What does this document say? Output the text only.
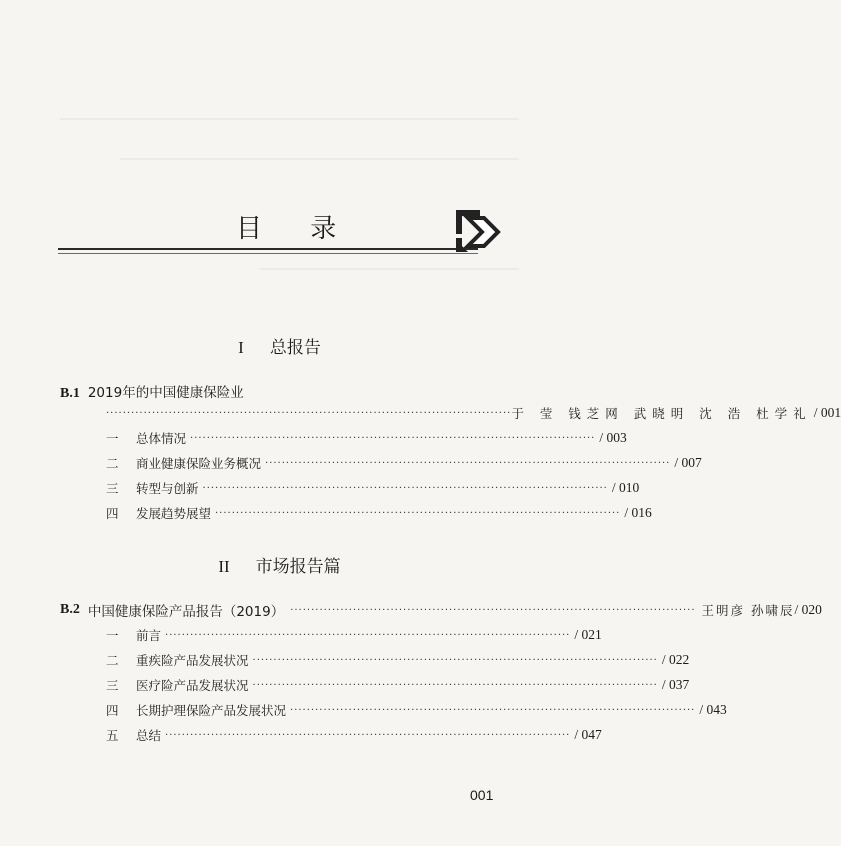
目 录
I 总报告
B.1 2019年的中国健康保险业
································································································· 于 莹 钱芝网 武晓明 沈 浩 杜学礼 / 001
一	总体情况 ································································································· / 003
二	商业健康保险业务概况 ································································································· / 007
三	转型与创新 ································································································· / 010
四	发展趋势展望 ································································································· / 016
II 市场报告篇
B.2 中国健康保险产品报告（2019） ································································································· 王明彦 孙啸辰 / 020
一	前言 ································································································· / 021
二	重疾险产品发展状况 ································································································· / 022
三	医疗险产品发展状况 ································································································· / 037
四	长期护理保险产品发展状况 ································································································· / 043
五	总结 ································································································· / 047
001
